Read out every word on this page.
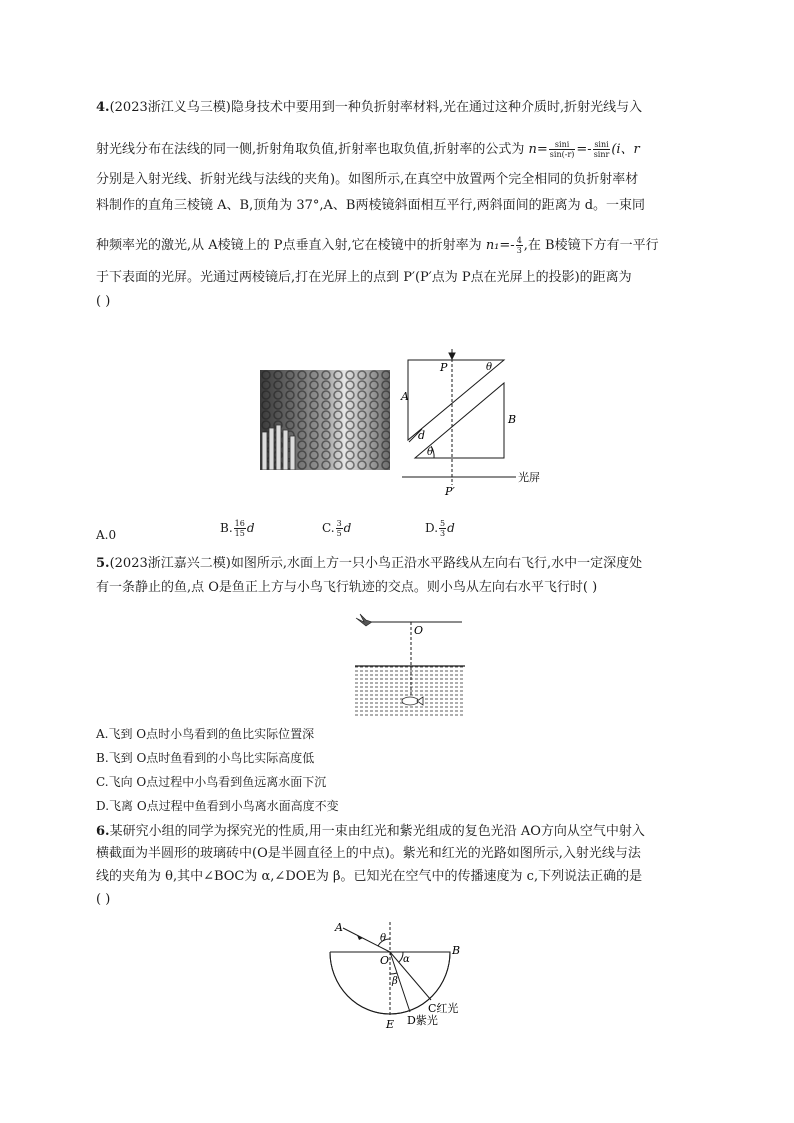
4.(2023浙江义乌三模)隐身技术中要用到一种负折射率材料,光在通过这种介质时,折射光线与入
射光线分布在法线的同一侧,折射角取负值,折射率也取负值,折射率的公式为 $n= \frac{\sin i}{\sin(-r)} =- \frac{\sin i}{\sin r} (i$、r
分别是入射光线、折射光线与法线的夹角)。如图所示,在真空中放置两个完全相同的负折射率材
料制作的直角三棱镜 A、B,顶角为 37°,A、B两棱镜斜面相互平行,两斜面间的距离为 d。一束同
种频率光的激光,从 A棱镜上的 P点垂直入射,它在棱镜中的折射率为 $n_1=- \frac{4}{3}$ ,在 B棱镜下方有一平行
于下表面的光屏。光通过两棱镜后,打在光屏上的点到 P′(P′点为 P点在光屏上的投影)的距离为
( )
P	θ
A
B
d
θ
P′
光屏
A.0	B. $\frac{16}{15}$ d	C. $\frac{3}{5}$ d	D. $\frac{5}{3}$ d
5.(2023浙江嘉兴二模)如图所示,水面上方一只小鸟正沿水平路线从左向右飞行,水中一定深度处
有一条静止的鱼,点 O是鱼正上方与小鸟飞行轨迹的交点。则小鸟从左向右水平飞行时( )
O
A.飞到 O点时小鸟看到的鱼比实际位置深
B.飞到 O点时鱼看到的小鸟比实际高度低
C.飞向 O点过程中小鸟看到鱼远离水面下沉
D.飞离 O点过程中鱼看到小鸟离水面高度不变
6.某研究小组的同学为探究光的性质,用一束由红光和紫光组成的复色光沿 AO方向从空气中射入
横截面为半圆形的玻璃砖中(O是半圆直径上的中点)。紫光和红光的光路如图所示,入射光线与法
线的夹角为 θ,其中∠BOC为 α,∠DOE为 β。已知光在空气中的传播速度为 c,下列说法正确的是
( )
A
θ
B
O α
β
C红光
E D紫光
